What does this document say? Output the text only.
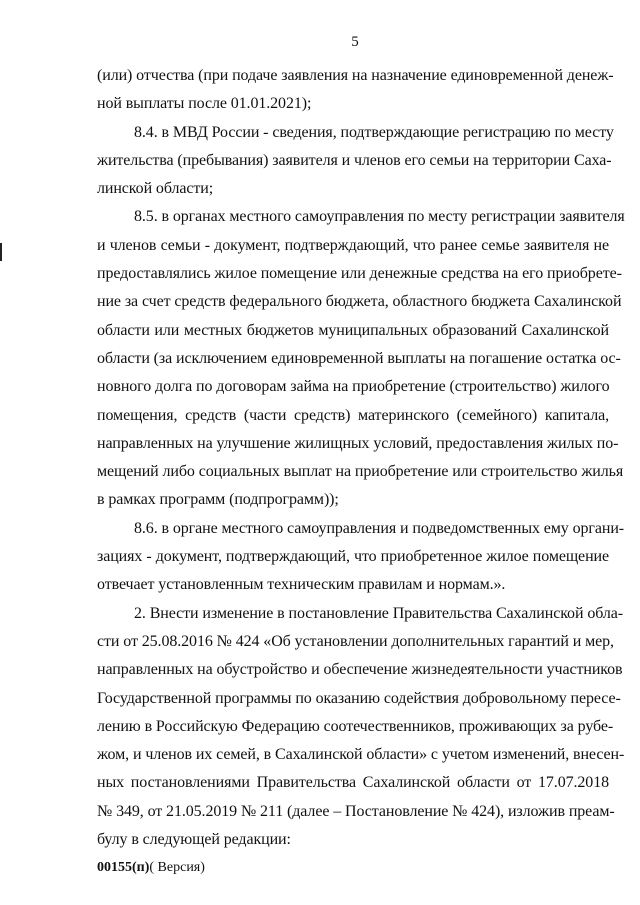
5
(или) отчества (при подаче заявления на назначение единовременной денеж-
ной выплаты после 01.01.2021);
8.4. в МВД России - сведения, подтверждающие регистрацию по месту
жительства (пребывания) заявителя и членов его семьи на территории Саха-
линской области;
8.5. в органах местного самоуправления по месту регистрации заявителя
и членов семьи - документ, подтверждающий, что ранее семье заявителя не
предоставлялись жилое помещение или денежные средства на его приобрете-
ние за счет средств федерального бюджета, областного бюджета Сахалинской
области или местных бюджетов муниципальных образований Сахалинской
области (за исключением единовременной выплаты на погашение остатка ос-
новного долга по договорам займа на приобретение (строительство) жилого
помещения, средств (части средств) материнского (семейного) капитала,
направленных на улучшение жилищных условий, предоставления жилых по-
мещений либо социальных выплат на приобретение или строительство жилья
в рамках программ (подпрограмм));
8.6. в органе местного самоуправления и подведомственных ему органи-
зациях - документ, подтверждающий, что приобретенное жилое помещение
отвечает установленным техническим правилам и нормам.».
2. Внести изменение в постановление Правительства Сахалинской обла-
сти от 25.08.2016 № 424 «Об установлении дополнительных гарантий и мер,
направленных на обустройство и обеспечение жизнедеятельности участников
Государственной программы по оказанию содействия добровольному пересе-
лению в Российскую Федерацию соотечественников, проживающих за рубе-
жом, и членов их семей, в Сахалинской области» с учетом изменений, внесен-
ных постановлениями Правительства Сахалинской области от 17.07.2018
№ 349, от 21.05.2019 № 211 (далее – Постановление № 424), изложив преам-
булу в следующей редакции:
00155(п)( Версия)
